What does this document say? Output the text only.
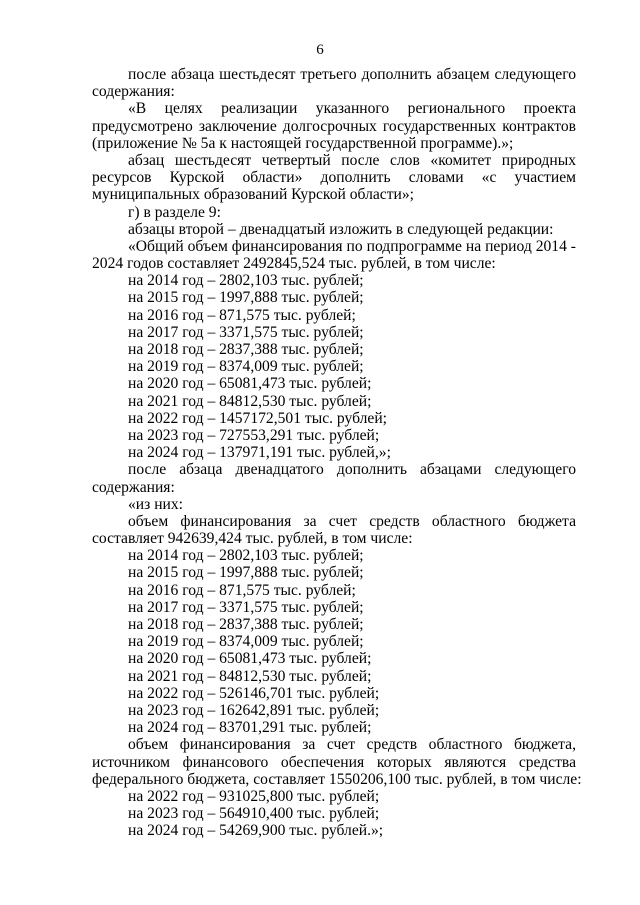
6
после абзаца шестьдесят третьего дополнить абзацем следующего
содержания:
«В целях реализации указанного регионального проекта
предусмотрено заключение долгосрочных государственных контрактов
(приложение № 5а к настоящей государственной программе).»;
абзац шестьдесят четвертый после слов «комитет природных
ресурсов Курской области» дополнить словами «с участием
муниципальных образований Курской области»;
г) в разделе 9:
абзацы второй – двенадцатый изложить в следующей редакции:
«Общий объем финансирования по подпрограмме на период 2014 -
2024 годов составляет 2492845,524 тыс. рублей, в том числе:
на 2014 год – 2802,103 тыс. рублей;
на 2015 год – 1997,888 тыс. рублей;
на 2016 год – 871,575 тыс. рублей;
на 2017 год – 3371,575 тыс. рублей;
на 2018 год – 2837,388 тыс. рублей;
на 2019 год – 8374,009 тыс. рублей;
на 2020 год – 65081,473 тыс. рублей;
на 2021 год – 84812,530 тыс. рублей;
на 2022 год – 1457172,501 тыс. рублей;
на 2023 год – 727553,291 тыс. рублей;
на 2024 год – 137971,191 тыс. рублей,»;
после абзаца двенадцатого дополнить абзацами следующего
содержания:
«из них:
объем финансирования за счет средств областного бюджета
составляет 942639,424 тыс. рублей, в том числе:
на 2014 год – 2802,103 тыс. рублей;
на 2015 год – 1997,888 тыс. рублей;
на 2016 год – 871,575 тыс. рублей;
на 2017 год – 3371,575 тыс. рублей;
на 2018 год – 2837,388 тыс. рублей;
на 2019 год – 8374,009 тыс. рублей;
на 2020 год – 65081,473 тыс. рублей;
на 2021 год – 84812,530 тыс. рублей;
на 2022 год – 526146,701 тыс. рублей;
на 2023 год – 162642,891 тыс. рублей;
на 2024 год – 83701,291 тыс. рублей;
объем финансирования за счет средств областного бюджета,
источником финансового обеспечения которых являются средства
федерального бюджета, составляет 1550206,100 тыс. рублей, в том числе:
на 2022 год – 931025,800 тыс. рублей;
на 2023 год – 564910,400 тыс. рублей;
на 2024 год – 54269,900 тыс. рублей.»;
